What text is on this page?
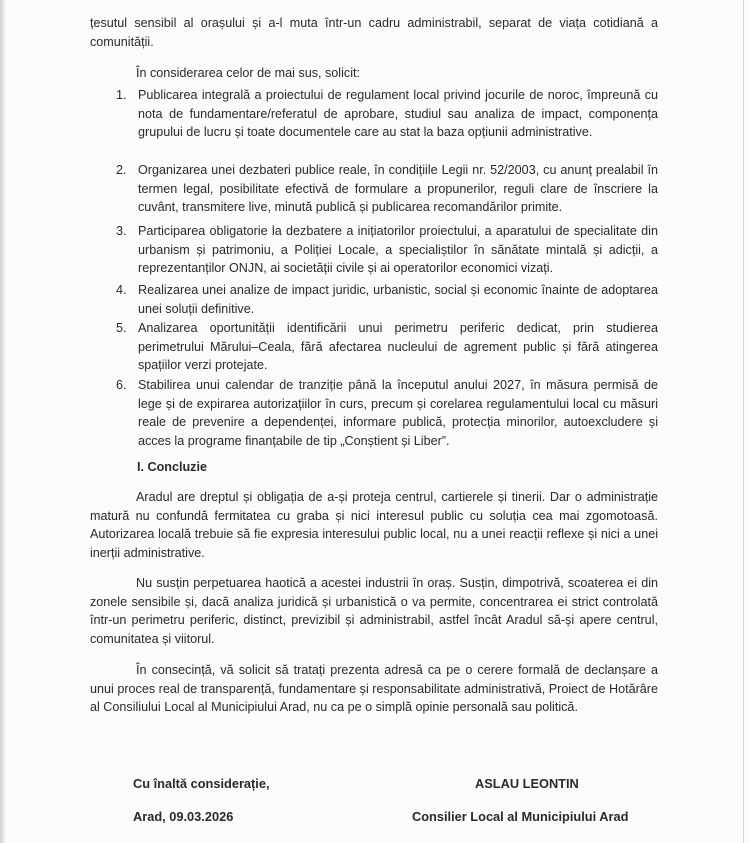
țesutul sensibil al orașului și a-l muta într-un cadru administrabil, separat de viața cotidiană a comunității.

În considerarea celor de mai sus, solicit:

1. Publicarea integrală a proiectului de regulament local privind jocurile de noroc, împreună cu nota de fundamentare/referatul de aprobare, studiul sau analiza de impact, componența grupului de lucru și toate documentele care au stat la baza opțiunii administrative.
2. Organizarea unei dezbateri publice reale, în condițiile Legii nr. 52/2003, cu anunț prealabil în termen legal, posibilitate efectivă de formulare a propunerilor, reguli clare de înscriere la cuvânt, transmitere live, minută publică și publicarea recomandărilor primite.
3. Participarea obligatorie la dezbatere a inițiatorilor proiectului, a aparatului de specialitate din urbanism și patrimoniu, a Poliției Locale, a specialiștilor în sănătate mintală și adicții, a reprezentanților ONJN, ai societății civile și ai operatorilor economici vizați.
4. Realizarea unei analize de impact juridic, urbanistic, social și economic înainte de adoptarea unei soluții definitive.
5. Analizarea oportunității identificării unui perimetru periferic dedicat, prin studierea perimetrului Mărului–Ceala, fără afectarea nucleului de agrement public și fără atingerea spațiilor verzi protejate.
6. Stabilirea unui calendar de tranziție până la începutul anului 2027, în măsura permisă de lege și de expirarea autorizațiilor în curs, precum și corelarea regulamentului local cu măsuri reale de prevenire a dependenței, informare publică, protecția minorilor, autoexcludere și acces la programe finanțabile de tip „Conștient și Liber”.
I. Concluzie

Aradul are dreptul și obligația de a-și proteja centrul, cartierele și tinerii. Dar o administrație matură nu confundă fermitatea cu graba și nici interesul public cu soluția cea mai zgomotoasă. Autorizarea locală trebuie să fie expresia interesului public local, nu a unei reacții reflexe și nici a unei inerții administrative.

Nu susțin perpetuarea haotică a acestei industrii în oraș. Susțin, dimpotrivă, scoaterea ei din zonele sensibile și, dacă analiza juridică și urbanistică o va permite, concentrarea ei strict controlată într-un perimetru periferic, distinct, previzibil și administrabil, astfel încât Aradul să-și apere centrul, comunitatea și viitorul.

În consecință, vă solicit să tratați prezenta adresă ca pe o cerere formală de declanșare a unui proces real de transparență, fundamentare și responsabilitate administrativă, Proiect de Hotărâre al Consiliului Local al Municipiului Arad, nu ca pe o simplă opinie personală sau politică.

Cu înaltă considerație,	ASLAU LEONTIN
Arad, 09.03.2026	Consilier Local al Municipiului Arad
